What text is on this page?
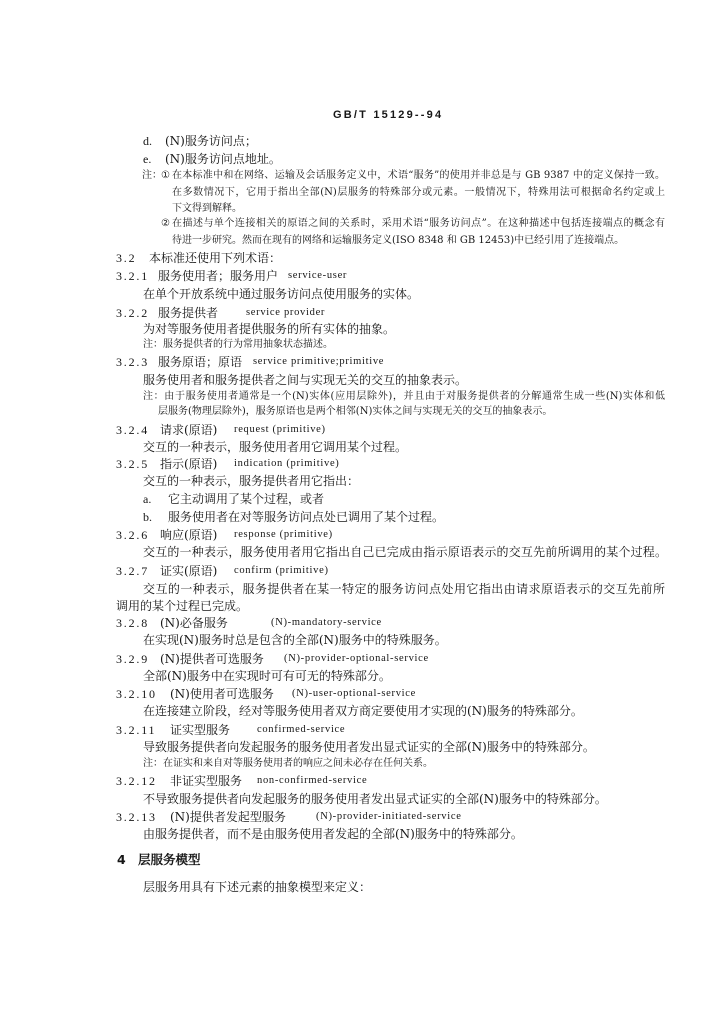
GB/T 15129--94
d. (N)服务访问点；
e. (N)服务访问点地址。
注： ① 在本标准中和在网络、运输及会话服务定义中，术语“服务”的使用并非总是与 GB 9387 中的定义保持一致。
在多数情况下，它用于指出全部(N)层服务的特殊部分或元素。一般情况下，特殊用法可根据命名约定或上
下文得到解释。
② 在描述与单个连接相关的原语之间的关系时，采用术语“服务访问点”。在这种描述中包括连接端点的概念有
待进一步研究。然而在现有的网络和运输服务定义(ISO 8348 和 GB 12453)中已经引用了连接端点。
3.2 本标准还使用下列术语：
3.2.1 服务使用者；服务用户 service-user
在单个开放系统中通过服务访问点使用服务的实体。
3.2.2 服务提供者	service provider
为对等服务使用者提供服务的所有实体的抽象。
注：服务提供者的行为常用抽象状态描述。
3.2.3 服务原语；原语 service primitive;primitive
服务使用者和服务提供者之间与实现无关的交互的抽象表示。
注：由于服务使用者通常是一个(N)实体(应用层除外)，并且由于对服务提供者的分解通常生成一些(N)实体和低
层服务(物理层除外)，服务原语也是两个相邻(N)实体之间与实现无关的交互的抽象表示。
3.2.4 请求(原语) request (primitive)
交互的一种表示，服务使用者用它调用某个过程。
3.2.5 指示(原语) indication (primitive)
交互的一种表示，服务提供者用它指出：
a. 它主动调用了某个过程，或者
b. 服务使用者在对等服务访问点处已调用了某个过程。
3.2.6 响应(原语) response (primitive)
交互的一种表示，服务使用者用它指出自己已完成由指示原语表示的交互先前所调用的某个过程。
3.2.7 证实(原语) confirm (primitive)
交互的一种表示，服务提供者在某一特定的服务访问点处用它指出由请求原语表示的交互先前所
调用的某个过程已完成。
3.2.8 (N)必备服务	(N)-mandatory-service
在实现(N)服务时总是包含的全部(N)服务中的特殊服务。
3.2.9 (N)提供者可选服务 (N)-provider-optional-service
全部(N)服务中在实现时可有可无的特殊部分。
3.2.10 (N)使用者可选服务 (N)-user-optional-service
在连接建立阶段，经对等服务使用者双方商定要使用才实现的(N)服务的特殊部分。
3.2.11 证实型服务	confirmed-service
导致服务提供者向发起服务的服务使用者发出显式证实的全部(N)服务中的特殊部分。
注：在证实和来自对等服务使用者的响应之间未必存在任何关系。
3.2.12 非证实型服务 non-confirmed-service
不导致服务提供者向发起服务的服务使用者发出显式证实的全部(N)服务中的特殊部分。
3.2.13 (N)提供者发起型服务	(N)-provider-initiated-service
由服务提供者，而不是由服务使用者发起的全部(N)服务中的特殊部分。
4 层服务模型
层服务用具有下述元素的抽象模型来定义：
